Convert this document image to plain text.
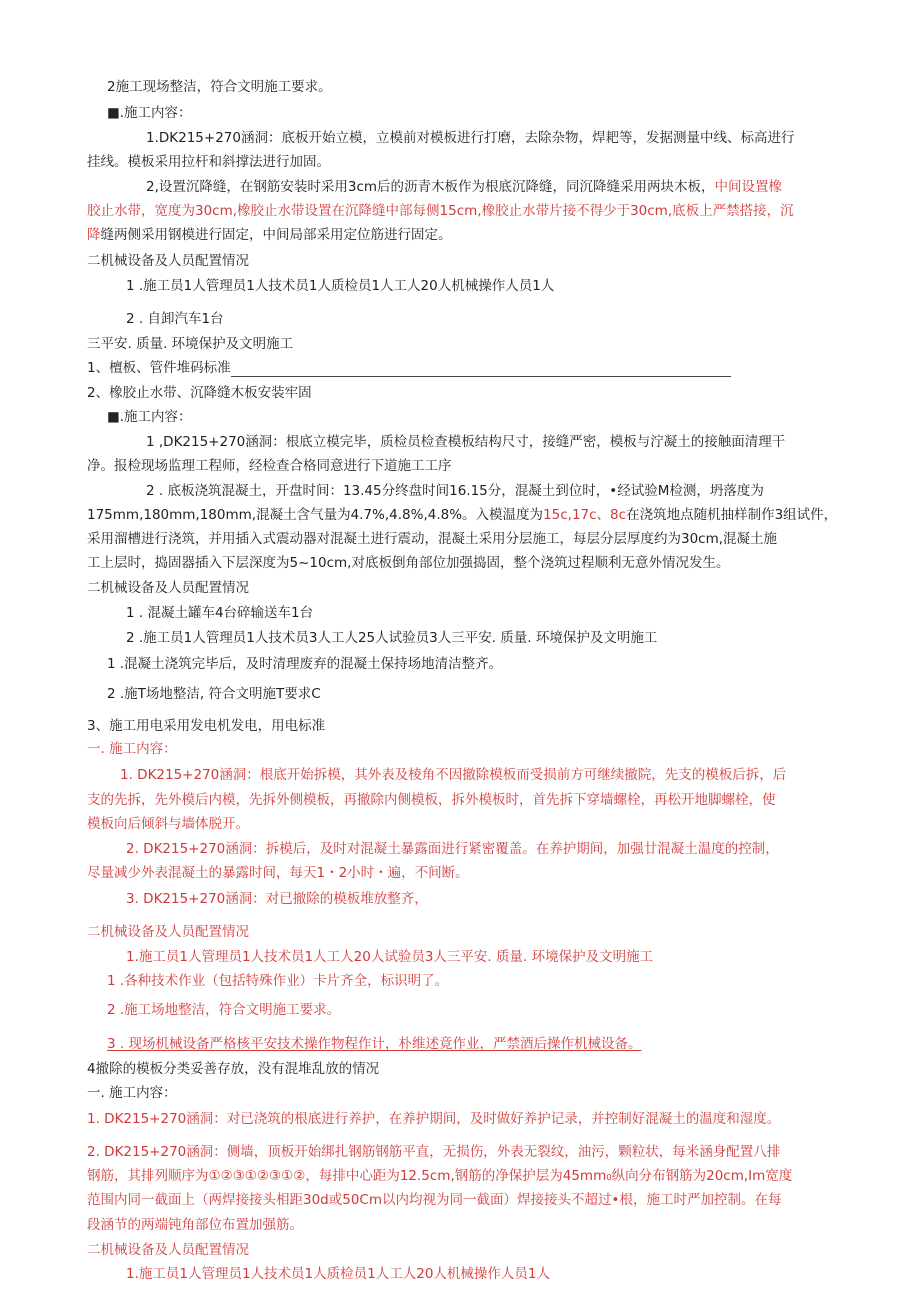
2施工现场整洁，符合文明施工要求。

■.施工内容：

1.DK215+270涵洞：底板开始立模，立模前对模板进行打磨，去除杂物，焊耙等，发据测量中线、标高进行

挂线。模板采用拉杆和斜撑法进行加固。

2,设置沉降缝，在钢筋安装时采用3cm后的沥青木板作为根底沉降缝，同沉降缝采用两块木板，中间设置橡

胶止水带，宽度为30cm,橡胶止水带设置在沉降缝中部每侧15cm,橡胶止水带片接不得少于30cm,底板上严禁搭接，沉

降缝两侧采用钢模进行固定，中间局部采用定位筋进行固定。

二机械设备及人员配置情况

1 .施工员1人管理员1人技术员1人质检员1人工人20人机械操作人员1人

2 . 自卸汽车1台

三平安. 质量. 环境保护及文明施工

1、檀板、管件堆码标准

2、橡胶止水带、沉降缝木板安装牢固

■.施工内容：

1 ,DK215+270涵洞：根底立模完毕，质检员检查模板结构尺寸，接缝严密，模板与泞凝土的接触面清理干

净。报检现场监理工程师，经检查合格同意进行下道施工工序

2 . 底板浇筑混凝土，开盘时间：13.45分终盘时间16.15分，混凝土到位时，•经试验M检测，坍落度为

175mm,180mm,180mm,混凝土含气量为4.7%,4.8%,4.8%。入模温度为15c,17c、8c在浇筑地点随机抽样制作3组试件，

采用溜槽进行浇筑，并用插入式震动器对混凝土进行震动，混凝土采用分层施工，每层分层厚度约为30cm,混凝土施

工上层时，捣固器插入下层深度为5~10cm,对底板倒角部位加强捣固，整个浇筑过程顺利无意外情况发生。

二机械设备及人员配置情况

1 . 混凝土罐车4台碎输送车1台

2 .施工员1人管理员1人技术员3人工人25人试验员3人三平安. 质量. 环境保护及文明施工

1 .混凝土浇筑完毕后，及时清理废弃的混凝土保持场地清洁整齐。

2 .施T场地整洁, 符合文明施T要求C

3、施工用电采用发电机发电，用电标准

一. 施工内容：

1. DK215+270涵洞：根底开始拆模，其外表及棱角不因撤除模板而受损前方可继续撤院，先支的模板后拆，后

支的先拆，先外模后内模，先拆外侧模板，再撤除内侧模板，拆外模板时，首先拆下穿墙螺栓，再松开地脚螺栓，使

模板向后倾斜与墙体脱开。

2. DK215+270涵洞：拆模后，及时对混凝土暴露面进行紧密覆盖。在养护期间，加强廿混凝土温度的控制，

尽量减少外表混凝土的暴露时间，每天1・2小时・遍，不间断。

3. DK215+270涵洞：对已撤除的模板堆放整齐，

二机械设备及人员配置情况

1.施工员1人管理员1人技术员1人工人20人试验员3人三平安. 质量. 环境保护及文明施工

1 .各种技术作业（包括特殊作业）卡片齐全，标识明了。

2 .施工场地整洁，符合文明施工要求。

3 . 现场机械设备严格核平安技术操作物程作计，朴维述竟作业，严禁酒后操作机械设备。

4撤除的模板分类妥善存放，没有混堆乱放的情况

一. 施工内容：

1. DK215+270涵洞：对已浇筑的根底进行养护，在养护期间，及时做好养护记录，并控制好混凝土的温度和湿度。

2. DK215+270涵洞：侧墙，顶板开始绑扎钢筋钢筋平直，无损伤，外表无裂纹，油污，颗粒状，每米涵身配置八排

钢筋，其排列顺序为①②③①②③①②，每排中心距为12.5cm,钢筋的净保护层为45mm₀纵向分布钢筋为20cm,Im宽度

范围内同一截面上（两焊接接头相距30d或50Cm以内均视为同一截面）焊接接头不超过•根，施工时严加控制。在每

段涵节的两端钝角部位布置加强筋。

二机械设备及人员配置情况

1.施工员1人管理员1人技术员1人质检员1人工人20人机械操作人员1人
